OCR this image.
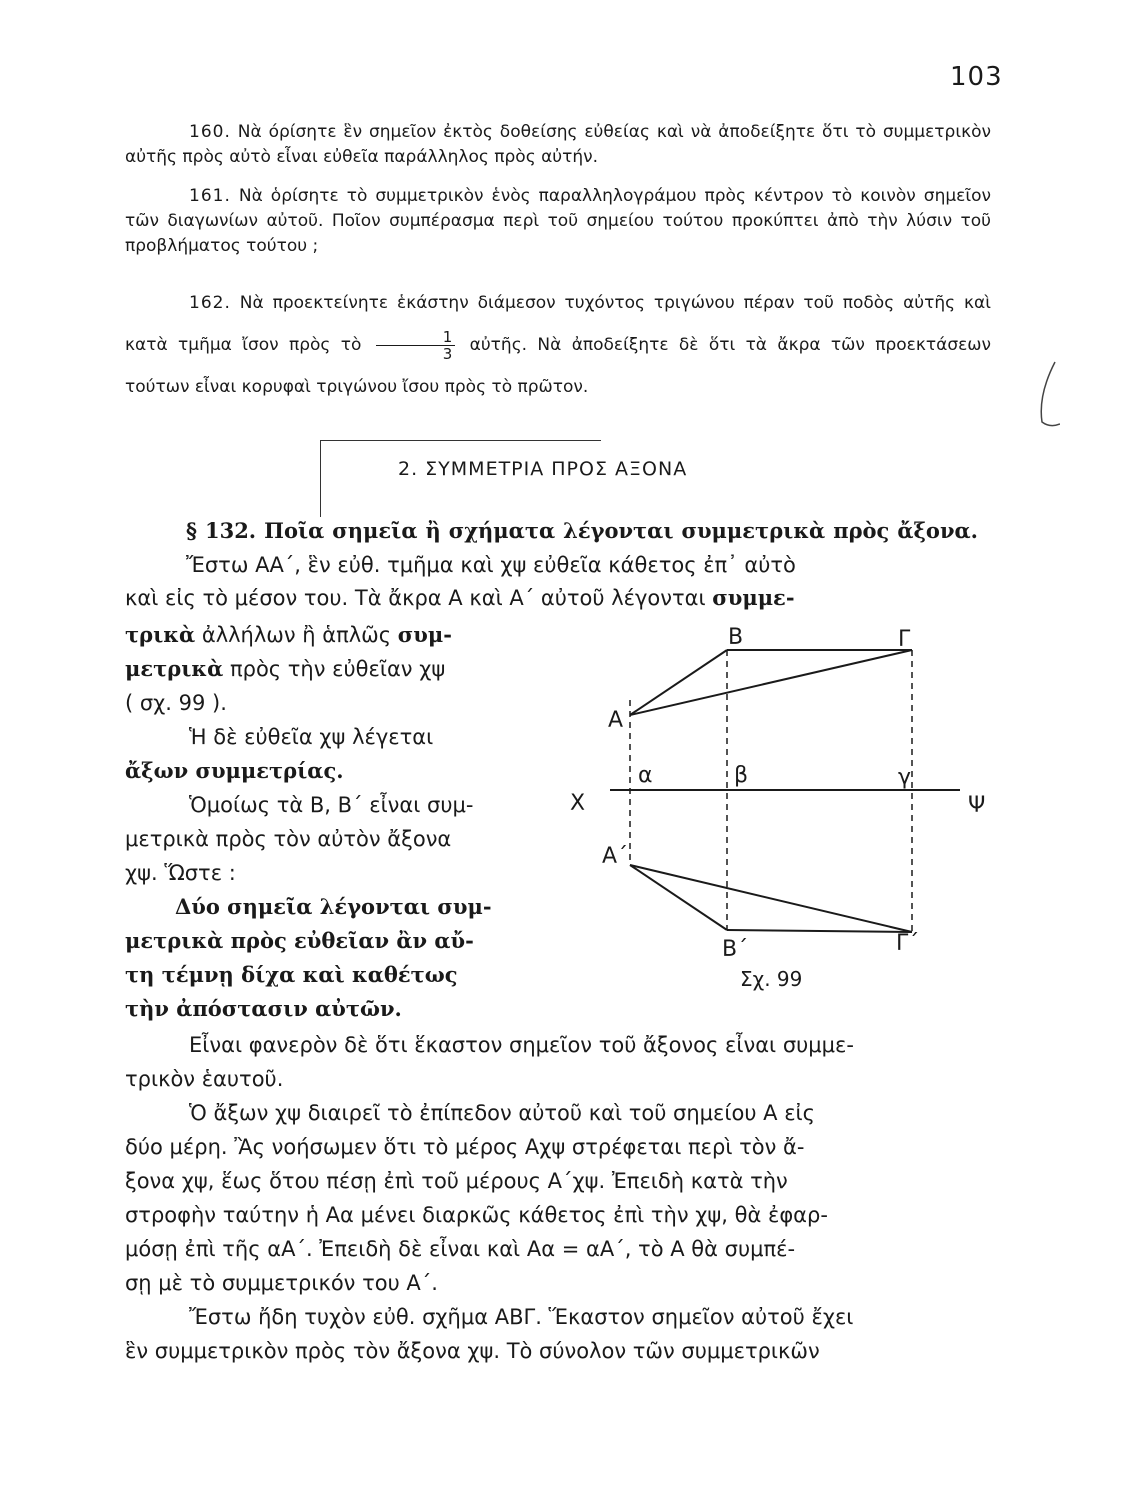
103
160. Νὰ όρίσητε ἓν σημεῖον ἐκτὸς δοθείσης εὐθείας καὶ νὰ ἀποδείξητε ὅτι τὸ συμμετρικὸν αὐτῆς πρὸς αὐτὸ εἶναι εὐθεῖα παράλληλος πρὸς αὐτήν.
161. Νὰ ὁρίσητε τὸ συμμετρικὸν ἑνὸς παραλληλογράμου πρὸς κέντρον τὸ κοινὸν σημεῖον τῶν διαγωνίων αὐτοῦ. Ποῖον συμπέρασμα περὶ τοῦ σημείου τούτου προκύπτει ἀπὸ τὴν λύσιν τοῦ προβλήματος τούτου ;
162. Νὰ προεκτείνητε ἑκάστην διάμεσον τυχόντος τριγώνου πέραν τοῦ ποδὸς αὐτῆς καὶ κατὰ τμῆμα ἴσον πρὸς τὸ $\frac{1}{3}$ αὐτῆς. Νὰ ἀποδείξητε δὲ ὅτι τὰ ἄκρα τῶν προεκτάσεων τούτων εἶναι κορυφαὶ τριγώνου ἴσου πρὸς τὸ πρῶτον.
2. ΣΥΜΜΕΤΡΙΑ ΠΡΟΣ ΑΞΟΝΑ
§ 132. Ποῖα σημεῖα ἢ σχήματα λέγονται συμμετρικὰ πρὸς ἄξονα. Ἔστω ΑΑ΄, ἓν εὐθ. τμῆμα καὶ χψ εὐθεῖα κάθετος ἐπ᾿ αὐτὸ
καὶ εἰς τὸ μέσον του. Τὰ ἄκρα Α καὶ Α΄ αὐτοῦ λέγονται συμμε-
τρικὰ ἀλλήλων ἢ ἁπλῶς συμ-
μετρικὰ πρὸς τὴν εὐθεῖαν χψ
( σχ. 99 ).
Ἡ δὲ εὐθεῖα χψ λέγεται
ἄξων συμμετρίας.
Ὁμοίως τὰ Β, Β΄ εἶναι συμ-
μετρικὰ πρὸς τὸν αὐτὸν ἄξονα
χψ. Ὥστε :
Δύο σημεῖα λέγονται συμ-
μετρικὰ πρὸς εὐθεῖαν ἂν αὔ-
τη τέμνῃ δίχα καὶ καθέτως
τὴν ἀπόστασιν αὐτῶν.
Α
Α΄
Β
Β΄
Γ
Γ΄
α	β	γ
Χ	Ψ
Σχ. 99
Εἶναι φανερὸν δὲ ὅτι ἕκαστον σημεῖον τοῦ ἄξονος εἶναι συμμε-
τρικὸν ἑαυτοῦ.
Ὁ ἄξων χψ διαιρεῖ τὸ ἐπίπεδον αὐτοῦ καὶ τοῦ σημείου Α εἰς
δύο μέρη. Ἂς νοήσωμεν ὅτι τὸ μέρος Αχψ στρέφεται περὶ τὸν ἄ-
ξονα χψ, ἕως ὅτου πέσῃ ἐπὶ τοῦ μέρους Α΄χψ. Ἐπειδὴ κατὰ τὴν
στροφὴν ταύτην ἡ Αα μένει διαρκῶς κάθετος ἐπὶ τὴν χψ, θὰ ἐφαρ-
μόσῃ ἐπὶ τῆς αΑ΄. Ἐπειδὴ δὲ εἶναι καὶ Αα = αΑ΄, τὸ Α θὰ συμπέ-
σῃ μὲ τὸ συμμετρικόν του Α΄.
Ἔστω ἤδη τυχὸν εὐθ. σχῆμα ΑΒΓ. Ἕκαστον σημεῖον αὐτοῦ ἔχει
ἓν συμμετρικὸν πρὸς τὸν ἄξονα χψ. Τὸ σύνολον τῶν συμμετρικῶν
